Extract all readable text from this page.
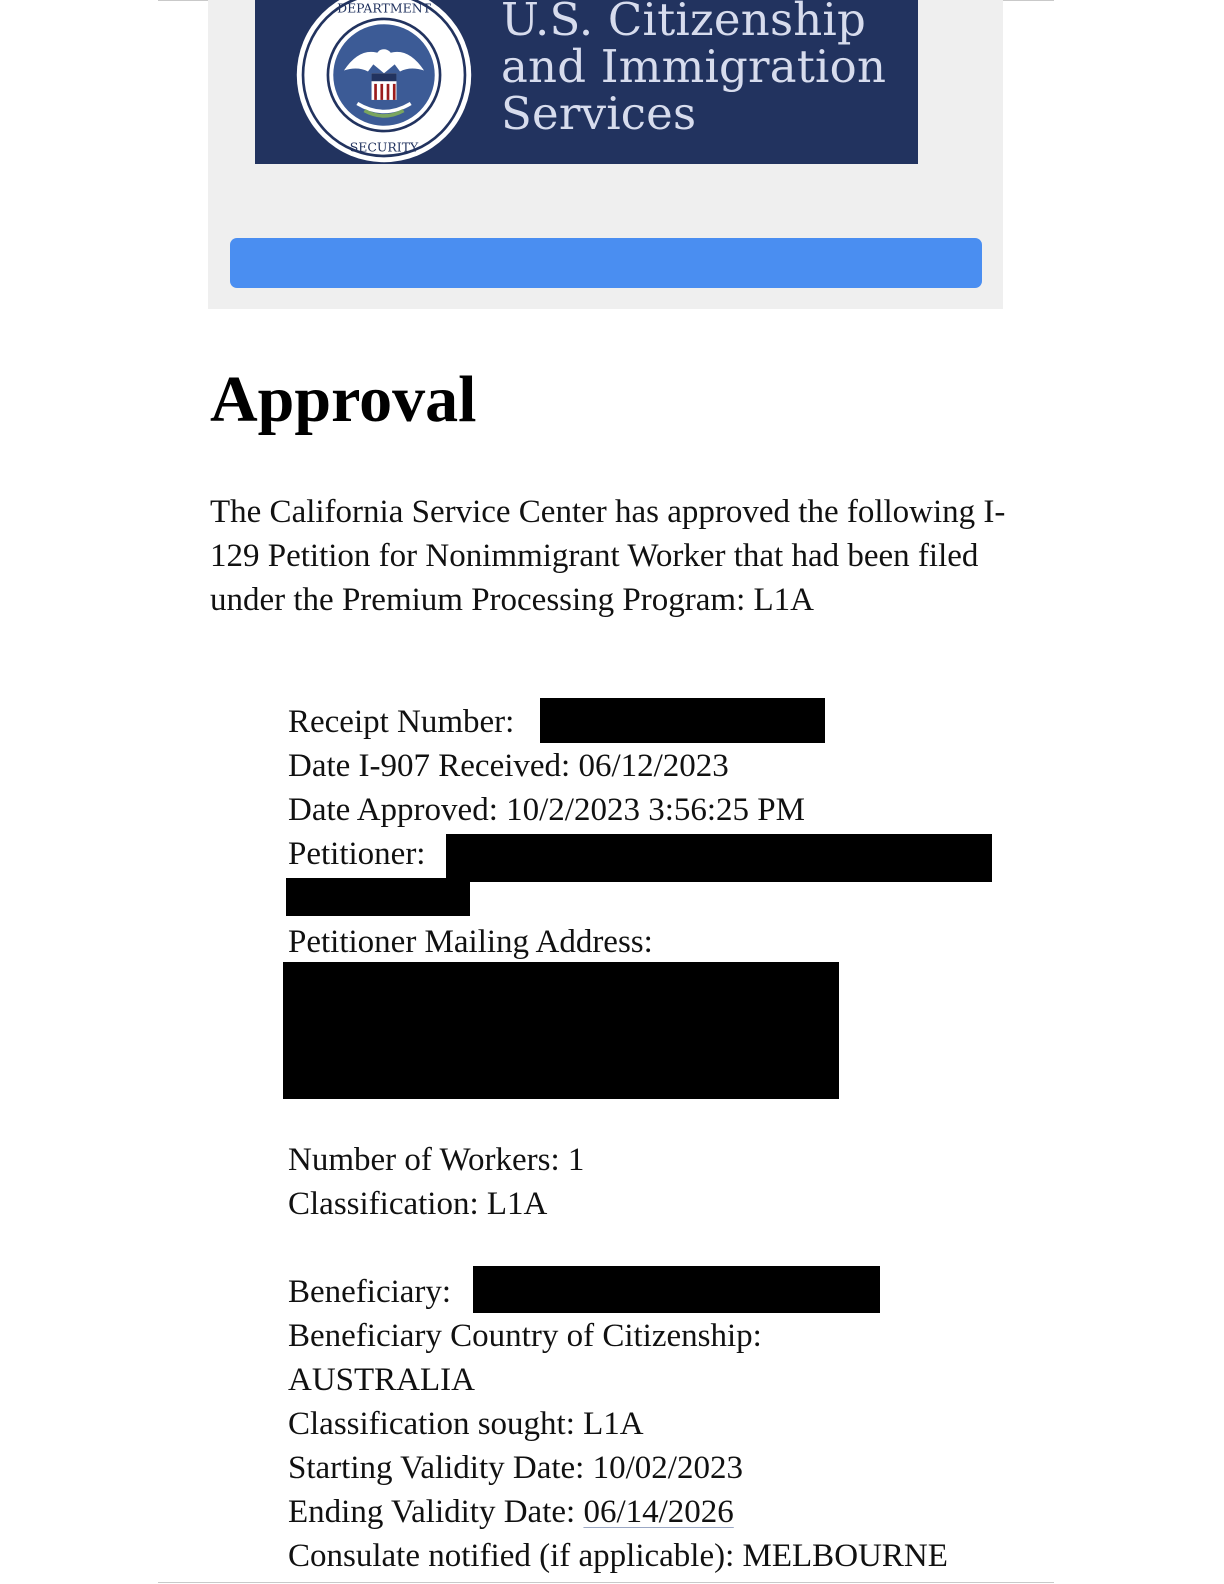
DEPARTMENT
SECURITY
U.S. Citizenship
and Immigration
Services
Approval

The California Service Center has approved the following I-129 Petition for Nonimmigrant Worker that had been filed under the Premium Processing Program: L1A

Receipt Number:
Date I-907 Received: 06/12/2023
Date Approved: 10/2/2023 3:56:25 PM
Petitioner:
Petitioner Mailing Address:
Number of Workers: 1
Classification: L1A
Beneficiary:
Beneficiary Country of Citizenship:
AUSTRALIA
Classification sought: L1A
Starting Validity Date: 10/02/2023
Ending Validity Date: 06/14/2026
Consulate notified (if applicable): MELBOURNE
